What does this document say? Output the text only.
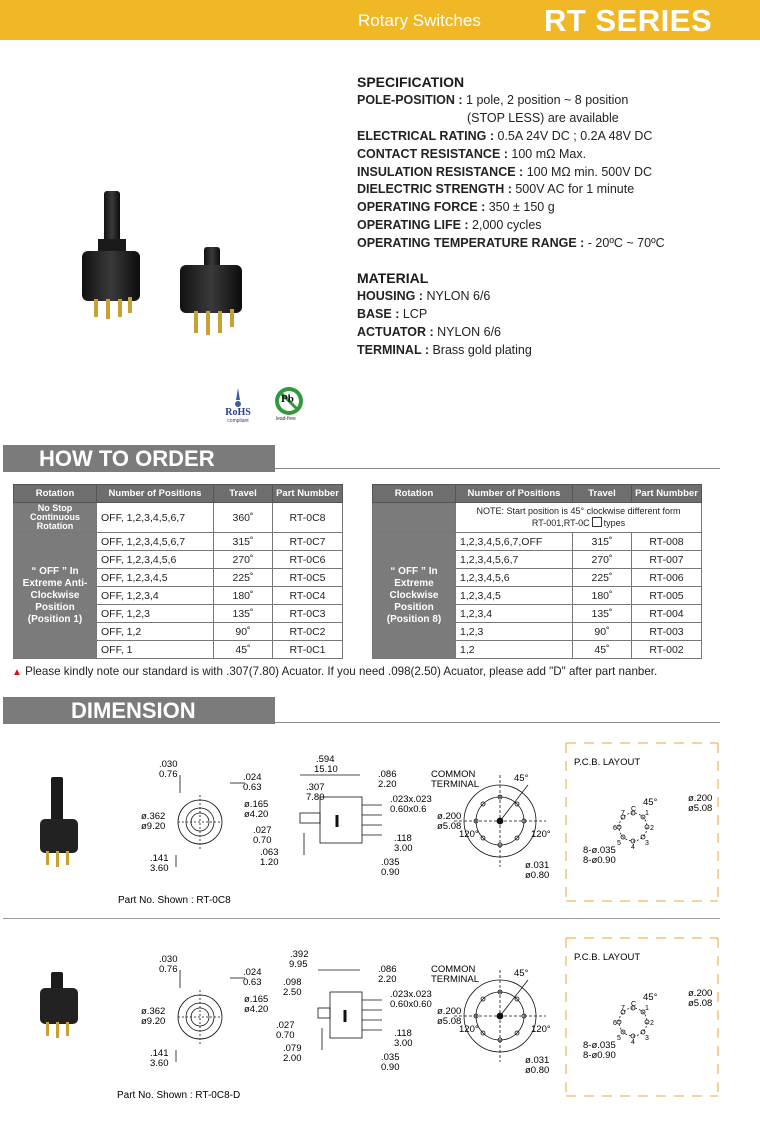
Rotary Switches RT SERIES
RoHS
compliant
Pb
lead-free
SPECIFICATION
POLE-POSITION : 1 pole, 2 position ~ 8 position
(STOP LESS) are available
ELECTRICAL RATING : 0.5A 24V DC ; 0.2A 48V DC
CONTACT RESISTANCE : 100 mΩ Max.
INSULATION RESISTANCE : 100 MΩ min. 500V DC
DIELECTRIC STRENGTH : 500V AC for 1 minute
OPERATING FORCE : 350 ± 150 g
OPERATING LIFE : 2,000 cycles
OPERATING TEMPERATURE RANGE : - 20ºC ~ 70ºC
MATERIAL
HOUSING : NYLON 6/6
BASE : LCP
ACTUATOR : NYLON 6/6
TERMINAL : Brass gold plating
HOW TO ORDER
Rotation	Number of Positions	Travel	Part Numbber

No Stop
Continuous
Rotation	OFF, 1,2,3,4,5,6,7	360˚	RT-0C8

“ OFF ” In
Extreme Anti-
Clockwise
Position
(Position 1)	OFF, 1,2,3,4,5,6,7	315˚	RT-0C7
	OFF, 1,2,3,4,5,6	270˚	RT-0C6
	OFF, 1,2,3,4,5	225˚	RT-0C5
	OFF, 1,2,3,4	180˚	RT-0C4
	OFF, 1,2,3	135˚	RT-0C3
	OFF, 1,2	90˚	RT-0C2
	OFF, 1	45˚	RT-0C1
Rotation	Number of Positions	Travel	Part Numbber

	NOTE: Start position is 45° clockwise different form
RT-001,RT-0C types		

“ OFF ” In
Extreme
Clockwise
Position
(Position 8)	1,2,3,4,5,6,7,OFF	315˚	RT-008
	1,2,3,4,5,6,7	270˚	RT-007
	1,2,3,4,5,6	225˚	RT-006
	1,2,3,4,5	180˚	RT-005
	1,2,3,4	135˚	RT-004
	1,2,3	90˚	RT-003
	1,2	45˚	RT-002
▲ Please kindly note our standard is with .307(7.80) Acuator. If you need .098(2.50) Acuator, please add "D" after part nanber.
DIMENSION
.030
0.76	.024
0.63
ø.362
ø9.20
ø.165
ø4.20
.027
0.70
.141
3.60
.063
1.20
.594
15.10
.307
7.80
.086
2.20
.023x.023
0.60x0.6
.118
3.00
.035
0.90
COMMON
TERMINAL
45°
ø.200
ø5.08
120°	120°
ø.031
ø0.80
P.C.B. LAYOUT
45°	ø.200
ø5.08
8-ø.035
8-ø0.90
C
7	1
6	2
5	3
4
Part No. Shown : RT-0C8
.030
0.76	.024
0.63
ø.362
ø9.20
ø.165
ø4.20
.141
3.60
.392
9.95
.098
2.50
.027
0.70
.079
2.00
.086
2.20
.023x.023
0.60x0.60
.118
3.00
.035
0.90
COMMON
TERMINAL
45°
ø.200
ø5.08
120°	120°
ø.031
ø0.80
P.C.B. LAYOUT
45°	ø.200
ø5.08
8-ø.035
8-ø0.90
C
7	1
6	2
5	3
4
Part No. Shown : RT-0C8-D
